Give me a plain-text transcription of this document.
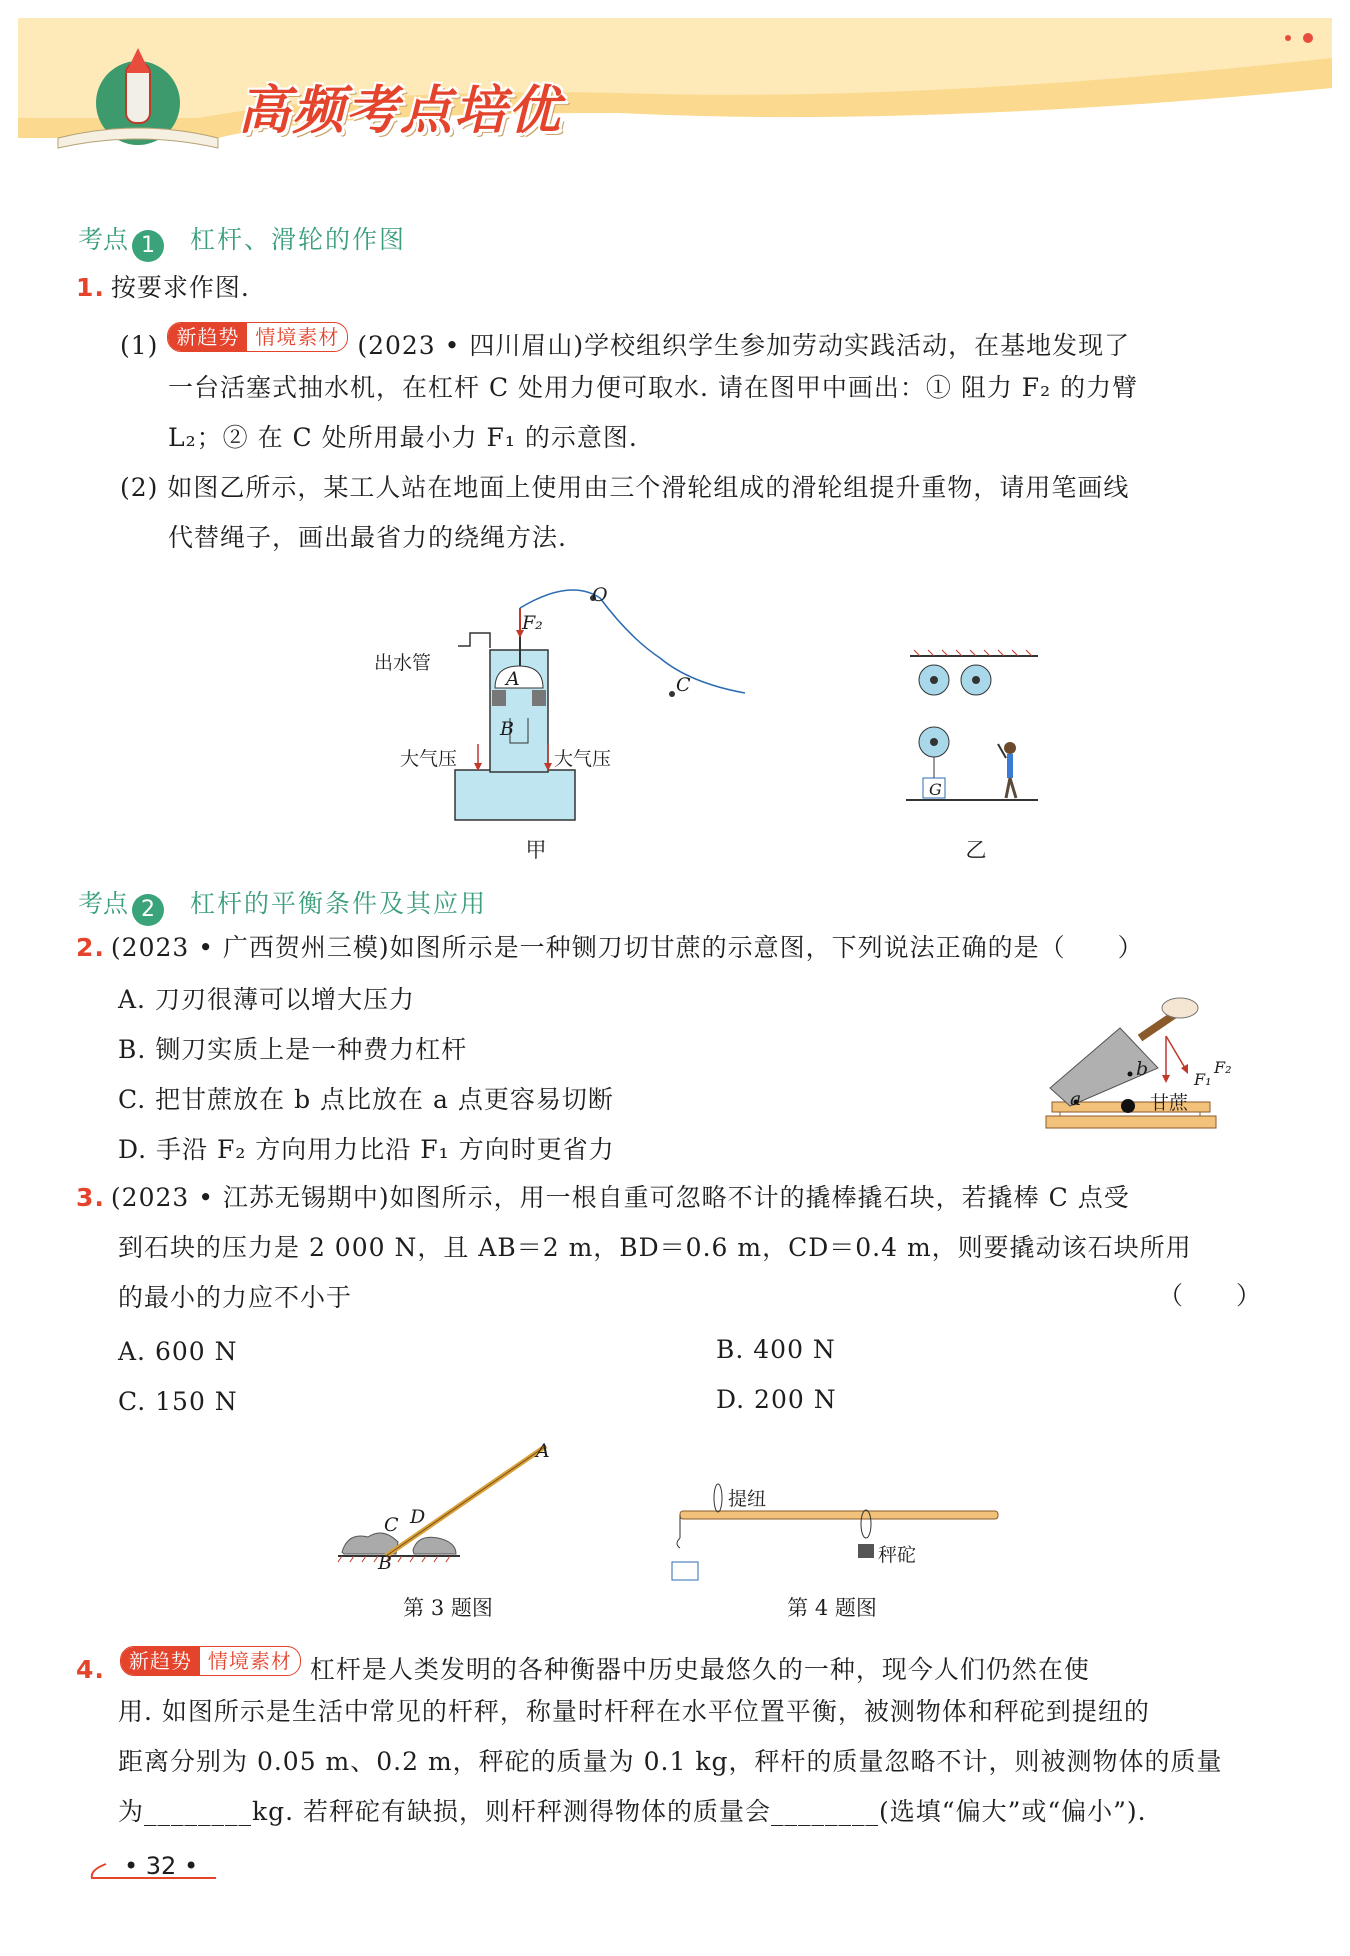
高频考点培优
考点 1 杠杆、滑轮的作图
1. 按要求作图.
(1) 新趋势 情境素材 (2023 • 四川眉山)学校组织学生参加劳动实践活动，在基地发现了
一台活塞式抽水机，在杠杆 C 处用力便可取水. 请在图甲中画出：① 阻力 F₂ 的力臂
L₂；② 在 C 处所用最小力 F₁ 的示意图.
(2) 如图乙所示，某工人站在地面上使用由三个滑轮组成的滑轮组提升重物，请用笔画线
代替绳子，画出最省力的绕绳方法.
出水管
A
B
O
C
F₂
大气压	大气压
甲
G
乙
考点 2 杠杆的平衡条件及其应用
2. (2023 • 广西贺州三模)如图所示是一种铡刀切甘蔗的示意图，下列说法正确的是（　　）
A. 刀刃很薄可以增大压力
B. 铡刀实质上是一种费力杠杆
C. 把甘蔗放在 b 点比放在 a 点更容易切断
D. 手沿 F₂ 方向用力比沿 F₁ 方向时更省力
a
b	F₁
F₂
甘蔗
3. (2023 • 江苏无锡期中)如图所示，用一根自重可忽略不计的撬棒撬石块，若撬棒 C 点受
到石块的压力是 2 000 N，且 AB＝2 m，BD＝0.6 m，CD＝0.4 m，则要撬动该石块所用
的最小的力应不小于	（　　）
A. 600 N	B. 400 N
C. 150 N	D. 200 N
A
B
C D
第 3 题图
提纽
秤砣
第 4 题图
4. 新趋势 情境素材 杠杆是人类发明的各种衡器中历史最悠久的一种，现今人们仍然在使
用. 如图所示是生活中常见的杆秤，称量时杆秤在水平位置平衡，被测物体和秤砣到提纽的
距离分别为 0.05 m、0.2 m，秤砣的质量为 0.1 kg，秤杆的质量忽略不计，则被测物体的质量
为________kg. 若秤砣有缺损，则杆秤测得物体的质量会________(选填“偏大”或“偏小”).
• 32 •
